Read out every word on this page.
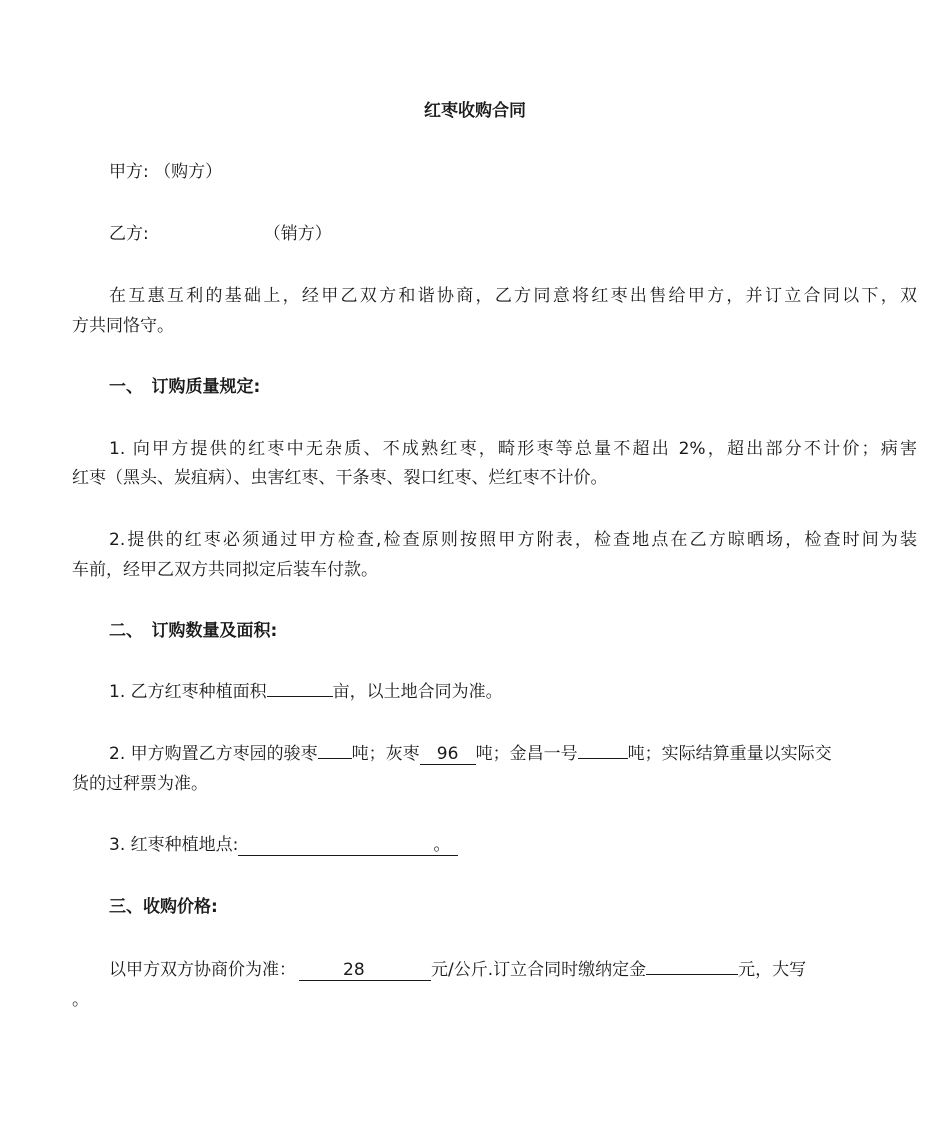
红枣收购合同
甲方: （购方）
乙方:	（销方）
在互惠互利的基础上，经甲乙双方和谐协商，乙方同意将红枣出售给甲方，并订立合同以下，双
方共同恪守。
一、　订购质量规定:
1. 向甲方提供的红枣中无杂质、不成熟红枣，畸形枣等总量不超出 2%，超出部分不计价；病害
红枣（黑头、炭疽病）、虫害红枣、干条枣、裂口红枣、烂红枣不计价。
2.提供的红枣必须通过甲方检查,检查原则按照甲方附表，检查地点在乙方晾晒场，检查时间为装
车前，经甲乙双方共同拟定后装车付款。
二、　订购数量及面积:
1. 乙方红枣种植面积	亩，以土地合同为准。
2. 甲方购置乙方枣园的骏枣 吨；灰枣 96 吨；金昌一号	吨；实际结算重量以实际交
货的过秤票为准。
3. 红枣种植地点:	。
三、收购价格:
以甲方双方协商价为准：	28	元/公斤.订立合同时缴纳定金	元，大写
。
